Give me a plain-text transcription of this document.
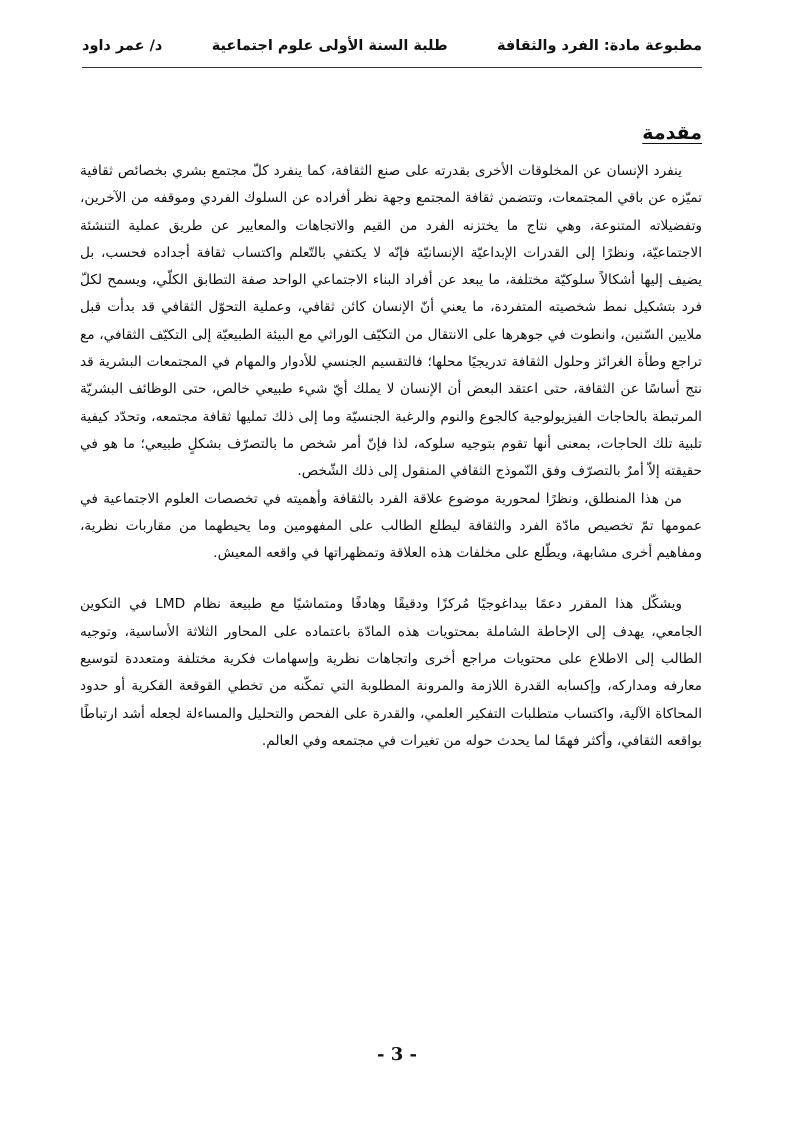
مطبوعة مادة: الفرد والثقافة
طلبة السنة الأولى علوم اجتماعية
د/ عمر داود
مقدمة

ينفرد الإنسان عن المخلوقات الأخرى بقدرته على صنع الثقافة، كما ينفرد كلّ مجتمع بشري بخصائص ثقافية تميّزه عن باقي المجتمعات، وتتضمن ثقافة المجتمع وجهة نظر أفراده عن السلوك الفردي وموقفه من الآخرين، وتفضيلاته المتنوعة، وهي نتاج ما يختزنه الفرد من القيم والاتجاهات والمعايير عن طريق عملية التنشئة الاجتماعيّة، ونظرًا إلى القدرات الإبداعيّة الإنسانيّة فإنّه لا يكتفي بالتّعلم واكتساب ثقافة أجداده فحسب، بل يضيف إليها أشكالاً سلوكيّة مختلفة، ما يبعد عن أفراد البناء الاجتماعي الواحد صفة التطابق الكلّي، ويسمح لكلّ فرد بتشكيل نمط شخصيته المتفردة، ما يعني أنّ الإنسان كائن ثقافي، وعملية التحوّل الثقافي قد بدأت قبل ملايين السّنين، وانطوت في جوهرها على الانتقال من التكيّف الوراثي مع البيئة الطبيعيّة إلى التكيّف الثقافي، مع تراجع وطأة الغرائز وحلول الثقافة تدريجيًا محلها؛ فالتقسيم الجنسي للأدوار والمهام في المجتمعات البشرية قد نتج أساسًا عن الثقافة، حتى اعتقد البعض أن الإنسان لا يملك أيّ شيء طبيعي خالص، حتى الوظائف البشريّة المرتبطة بالحاجات الفيزيولوجية كالجوع والنوم والرغبة الجنسيّة وما إلى ذلك تمليها ثقافة مجتمعه، وتحدّد كيفية تلبية تلك الحاجات، بمعنى أنها تقوم بتوجيه سلوكه، لذا فإنّ أمر شخص ما بالتصرّف بشكلٍ طبيعي؛ ما هو في حقيقته إلاّ أمرٌ بالتصرّف وفق النّموذج الثقافي المنقول إلى ذلك الشّخص.

من هذا المنطلق، ونظرًا لمحورية موضوع علاقة الفرد بالثقافة وأهميته في تخصصات العلوم الاجتماعية في عمومها تمّ تخصيص مادّة الفرد والثقافة ليطلع الطالب على المفهومين وما يحيطهما من مقاربات نظرية، ومفاهيم أخرى مشابهة، ويطّلع على مخلفات هذه العلاقة وتمظهراتها في واقعه المعيش.

ويشكّل هذا المقرر دعمًا بيداغوجيًا مُركزًا ودقيقًا وهادفًا ومتماشيًا مع طبيعة نظام LMD في التكوين الجامعي، يهدف إلى الإحاطة الشاملة بمحتويات هذه المادّة باعتماده على المحاور الثلاثة الأساسية، وتوجيه الطالب إلى الاطلاع على محتويات مراجع أخرى واتجاهات نظرية وإسهامات فكرية مختلفة ومتعددة لتوسيع معارفه ومداركه، وإكسابه القدرة اللازمة والمرونة المطلوبة التي تمكّنه من تخطي القوقعة الفكرية أو حدود المحاكاة الآلية، واكتساب متطلبات التفكير العلمي، والقدرة على الفحص والتحليل والمساءلة لجعله أشد ارتباطًا بواقعه الثقافي، وأكثر فهمًا لما يحدث حوله من تغيرات في مجتمعه وفي العالم.

- 3 -
